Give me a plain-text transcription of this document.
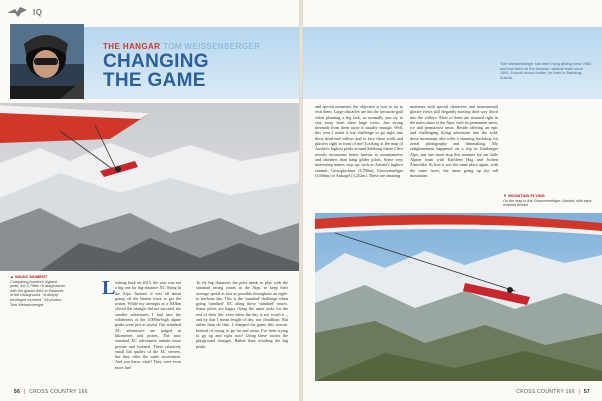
IQ
THE HANGAR TOM WEISSENBERGER
CHANGING
THE GAME
▲ MAGIC MOMENT
Comparing Austria's highest peak, the 3,798m Grossglockner, with the glacier field of Pasterze in the background. "A deeply privileged moment." All photos: Tom Weissenberger
L ooking back on 2015, the year was not a big one for big-distance XC flying in the Alps. Instead, it was all about going off the beaten track to get the action. While my attempts at a 300km closed flat triangle did not succeed, the smaller adventures I had into the wilderness of the 3,000m-high alpine peaks were just as joyful. Our standard XC adventures are judged in kilometres and points. The now standard XC adventures remain more private and isolated. These relatively small flat quality of the XC servers, but they offer the same excitement. And you know what? They were even more fun!
To fly big distances the pilot needs to play with the standard racing routes in the Alps, to keep their average speed as fast as possible throughout an eight- to ten-hour day. This is the 'standard' challenge when going 'standard' XC along these 'standard' routes. Some pilots are happy flying the same tasks for the rest of their life, even when the day is not worth it – and by that I mean length of day, not cloudbase. But rather than do that, I changed the game this season. Instead of trying to go far and away, I've been trying to go up and right now! Using these tactics the playground changes. Rather than avoiding the big peaks
56 | CROSS COUNTRY 166
Tom Weissenberger has been hang gliding since 1982 and has been on the Austrian national team since 1991. A world record holder, he lives in Salzburg, Austria.
and special moments, the objective is now to try to visit them. Large obstacles are not the favourite goal when planning a big task, so normally you try to stay away from these huge rocks. Just strong thermals from them away is usually enough. Well, this year I made it my challenge to go right into these dead-end valleys and to face these walls and glaciers right in front of me! Looking at the map of Austria's highest peaks around Salzburg where I live reveals mountains better known to mountaineers and climbers than hang glider pilots. Some very interesting names crop up, such as Austria's highest summit, Grossglockner (3,798m), Grossvenediger (3,666m) or Ankogel (3,252m). These are amazing
moments with special characters and monumental glacier views still elegantly moving their way down into the valleys. Most of them are situated right in the main chain of the Alps, with its permanent snow, ice and permafrost areas. Beside offering an epic and challenging flying adventure into the wild, these mountains also offer a stunning backdrop for aerial photography and filmmaking. My enlightenment happened on a trip in Zinsberger Alps, just one more stop this summer for our little Alpine team with Kathleen Hug and Jochen Zimschka. At first it was the same place again, with the same faces, the same going up the tall mountains
▼ MOUNTAIN FLYING
On the way to the Grossvenediger, Austria, with tape-rewinds ahead
CROSS COUNTRY 166 | 57
